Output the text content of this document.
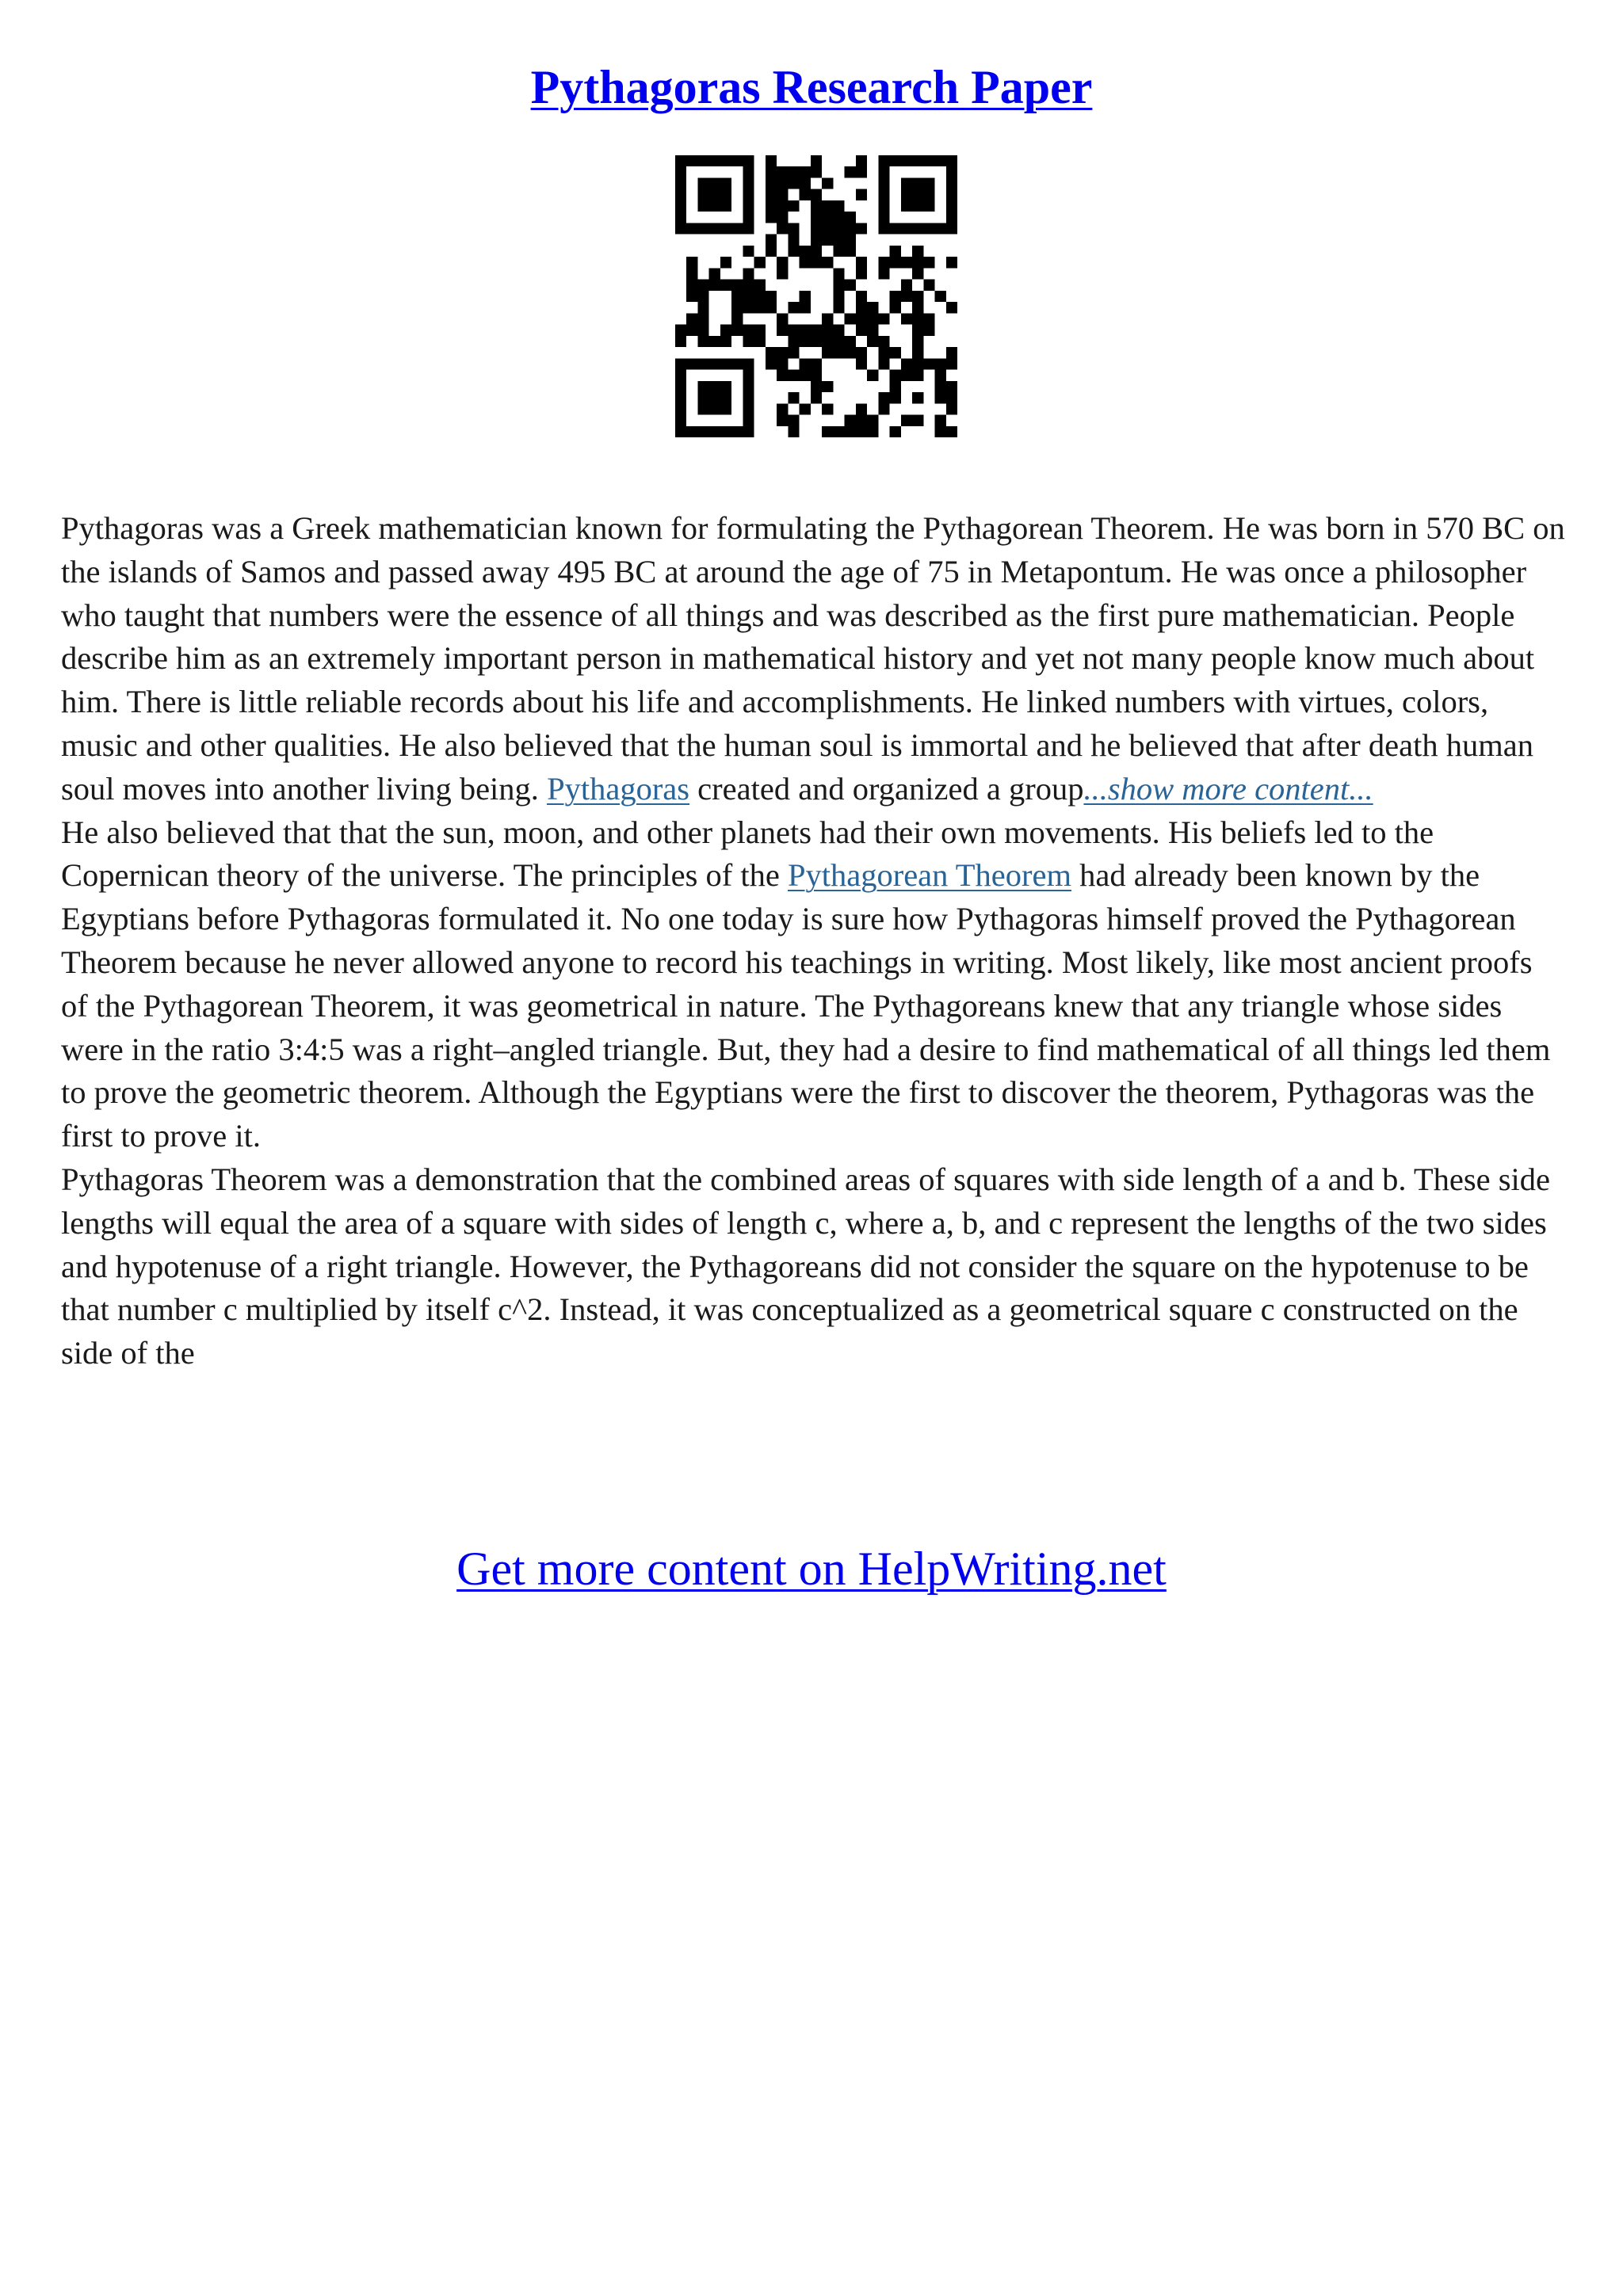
Pythagoras Research Paper

Pythagoras was a Greek mathematician known for formulating the Pythagorean Theorem. He was born in 570 BC on the islands of Samos and passed away 495 BC at around the age of 75 in Metapontum. He was once a philosopher who taught that numbers were the essence of all things and was described as the first pure mathematician. People describe him as an extremely important person in mathematical history and yet not many people know much about him. There is little reliable records about his life and accomplishments. He linked numbers with virtues, colors, music and other qualities. He also believed that the human soul is immortal and he believed that after death human soul moves into another living being. Pythagoras created and organized a group...show more content...

He also believed that that the sun, moon, and other planets had their own movements. His beliefs led to the Copernican theory of the universe. The principles of the Pythagorean Theorem had already been known by the Egyptians before Pythagoras formulated it. No one today is sure how Pythagoras himself proved the Pythagorean Theorem because he never allowed anyone to record his teachings in writing. Most likely, like most ancient proofs of the Pythagorean Theorem, it was geometrical in nature. The Pythagoreans knew that any triangle whose sides were in the ratio 3:4:5 was a right–angled triangle. But, they had a desire to find mathematical of all things led them to prove the geometric theorem. Although the Egyptians were the first to discover the theorem, Pythagoras was the first to prove it.

Pythagoras Theorem was a demonstration that the combined areas of squares with side length of a and b. These side lengths will equal the area of a square with sides of length c, where a, b, and c represent the lengths of the two sides and hypotenuse of a right triangle. However, the Pythagoreans did not consider the square on the hypotenuse to be that number c multiplied by itself c^2. Instead, it was conceptualized as a geometrical square c constructed on the side of the

Get more content on HelpWriting.net
